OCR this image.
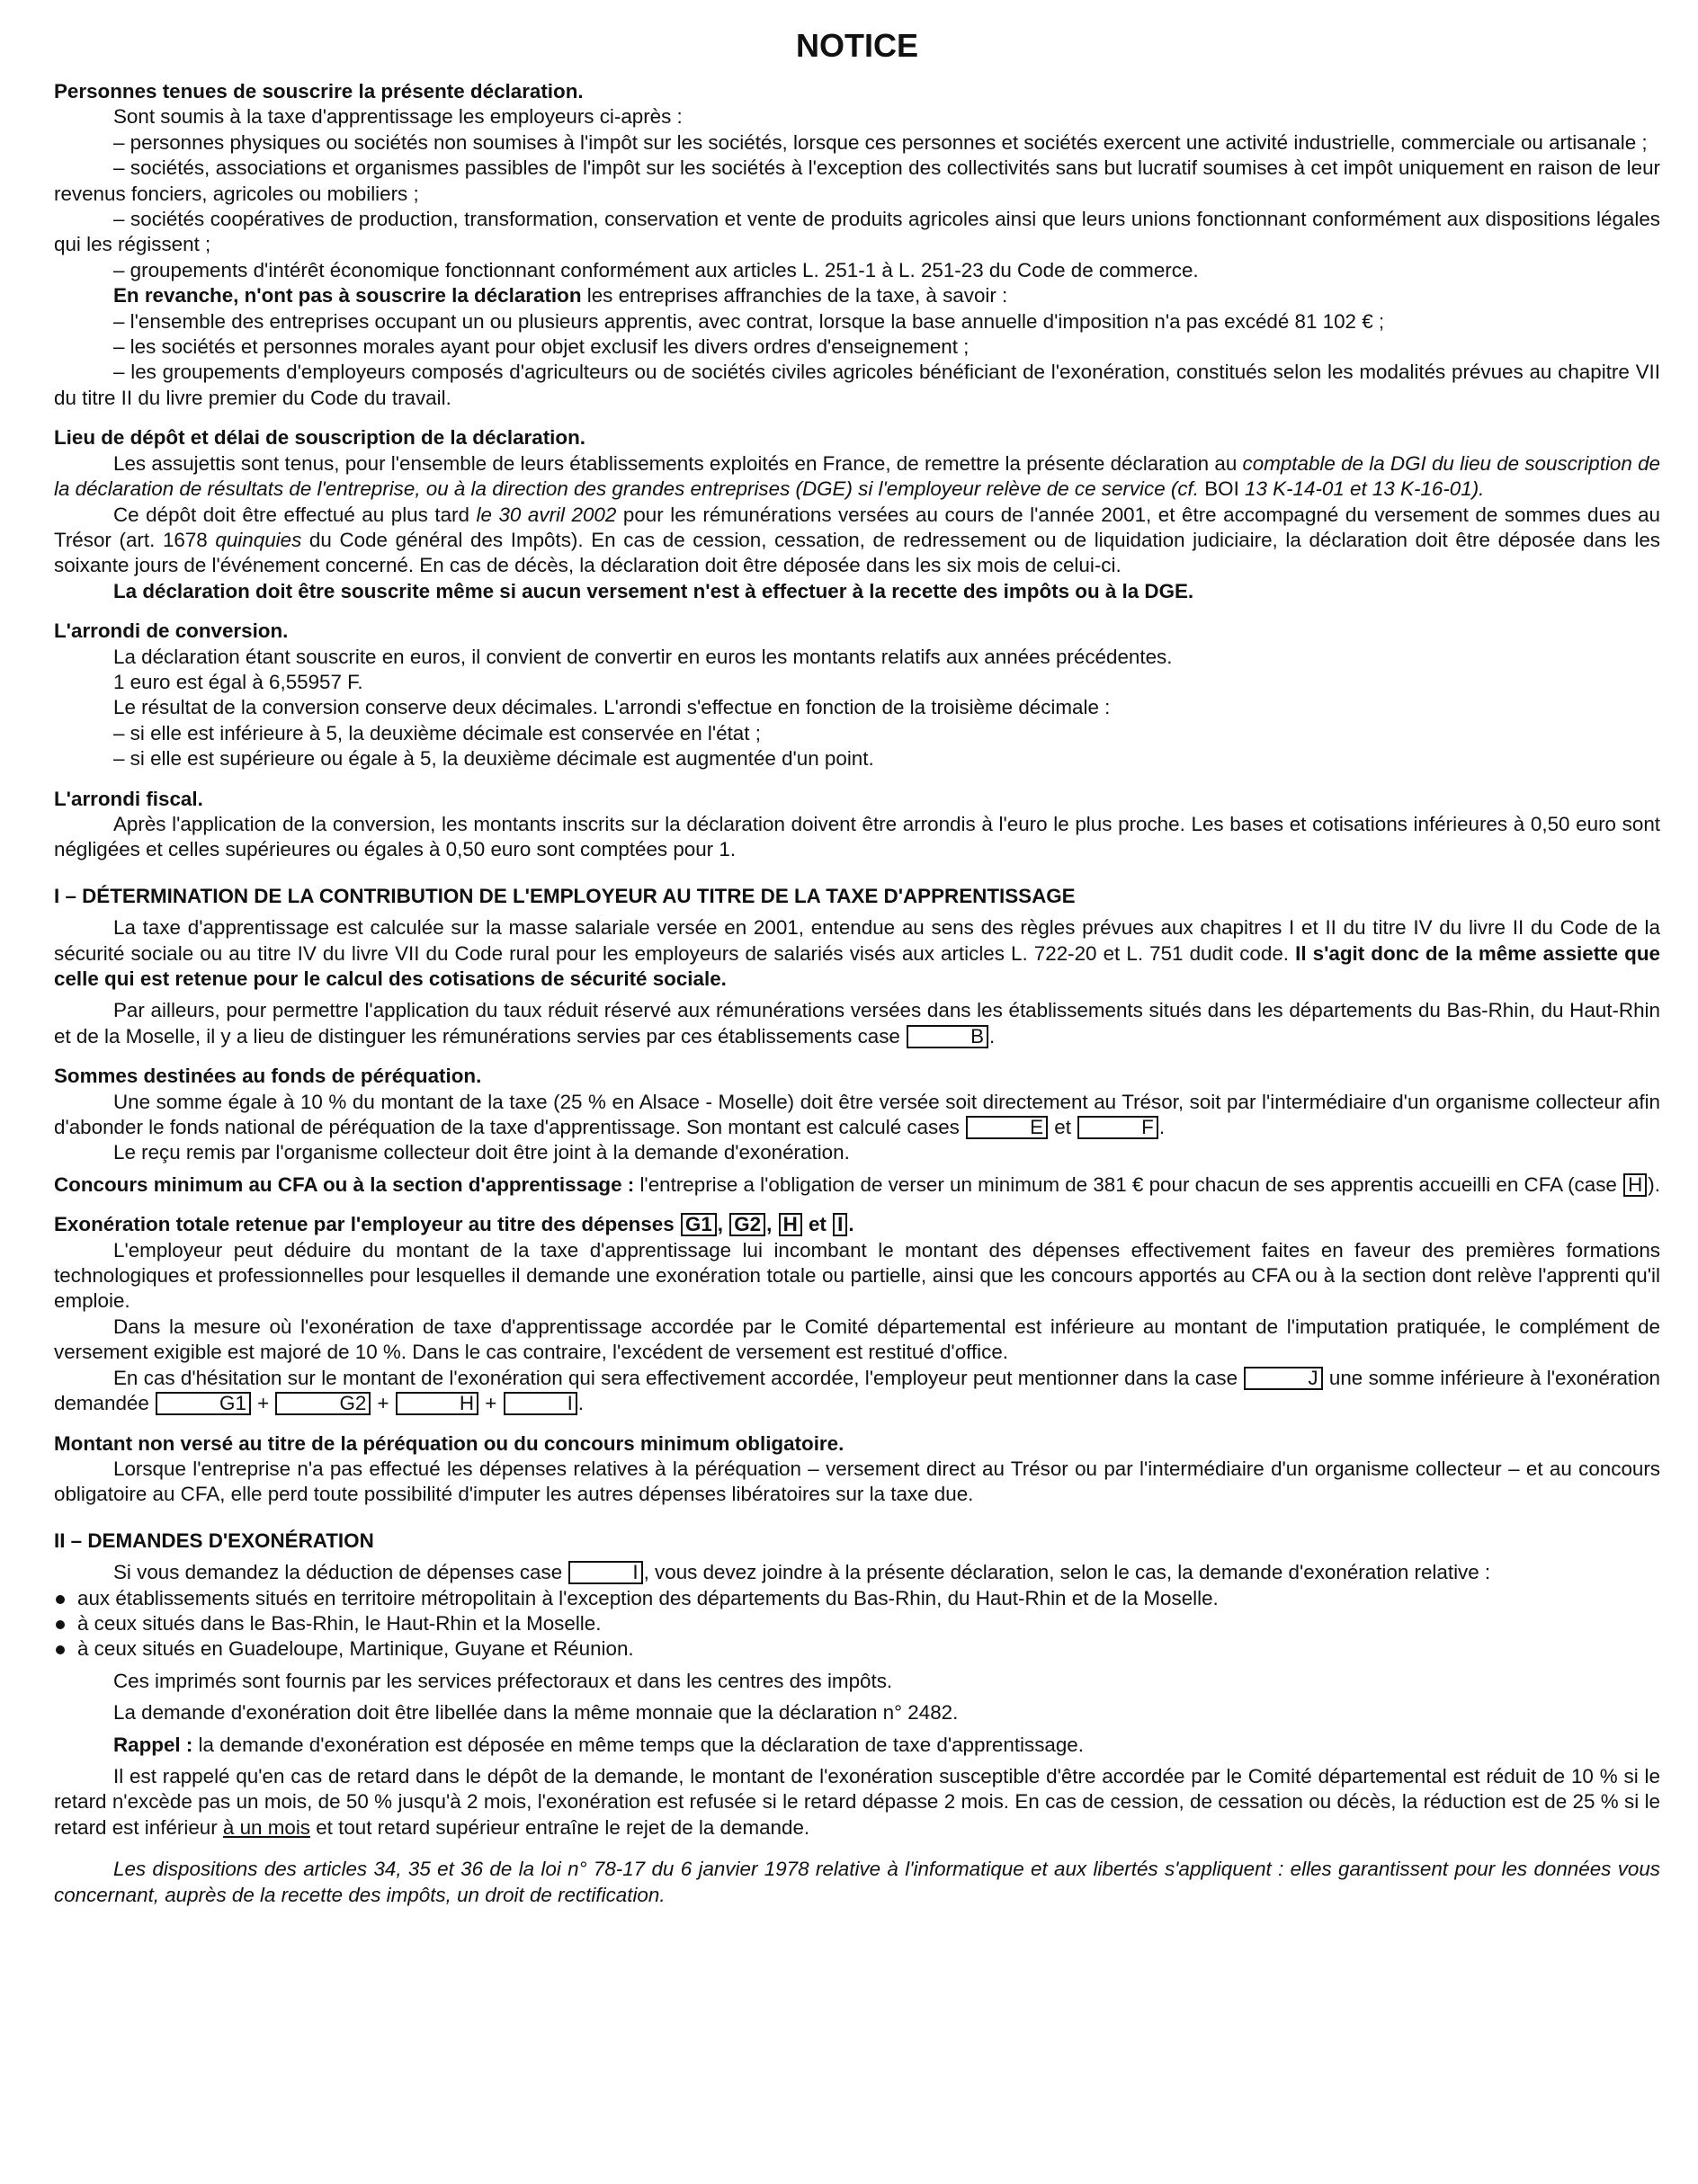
NOTICE
Personnes tenues de souscrire la présente déclaration.
Sont soumis à la taxe d'apprentissage les employeurs ci-après :
– personnes physiques ou sociétés non soumises à l'impôt sur les sociétés, lorsque ces personnes et sociétés exercent une activité industrielle, commerciale ou artisanale ;
– sociétés, associations et organismes passibles de l'impôt sur les sociétés à l'exception des collectivités sans but lucratif soumises à cet impôt uniquement en raison de leur revenus fonciers, agricoles ou mobiliers ;
– sociétés coopératives de production, transformation, conservation et vente de produits agricoles ainsi que leurs unions fonctionnant conformément aux dispositions légales qui les régissent ;
– groupements d'intérêt économique fonctionnant conformément aux articles L. 251-1 à L. 251-23 du Code de commerce.
En revanche, n'ont pas à souscrire la déclaration les entreprises affranchies de la taxe, à savoir :
– l'ensemble des entreprises occupant un ou plusieurs apprentis, avec contrat, lorsque la base annuelle d'imposition n'a pas excédé 81 102 € ;
– les sociétés et personnes morales ayant pour objet exclusif les divers ordres d'enseignement ;
– les groupements d'employeurs composés d'agriculteurs ou de sociétés civiles agricoles bénéficiant de l'exonération, constitués selon les modalités prévues au chapitre VII du titre II du livre premier du Code du travail.
Lieu de dépôt et délai de souscription de la déclaration.
Les assujettis sont tenus, pour l'ensemble de leurs établissements exploités en France, de remettre la présente déclaration au comptable de la DGI du lieu de souscription de la déclaration de résultats de l'entreprise, ou à la direction des grandes entreprises (DGE) si l'employeur relève de ce service (cf. BOI 13 K-14-01 et 13 K-16-01).
Ce dépôt doit être effectué au plus tard le 30 avril 2002 pour les rémunérations versées au cours de l'année 2001, et être accompagné du versement de sommes dues au Trésor (art. 1678 quinquies du Code général des Impôts). En cas de cession, cessation, de redressement ou de liquidation judiciaire, la déclaration doit être déposée dans les soixante jours de l'événement concerné. En cas de décès, la déclaration doit être déposée dans les six mois de celui-ci.
La déclaration doit être souscrite même si aucun versement n'est à effectuer à la recette des impôts ou à la DGE.
L'arrondi de conversion.
La déclaration étant souscrite en euros, il convient de convertir en euros les montants relatifs aux années précédentes.
1 euro est égal à 6,55957 F.
Le résultat de la conversion conserve deux décimales. L'arrondi s'effectue en fonction de la troisième décimale :
– si elle est inférieure à 5, la deuxième décimale est conservée en l'état ;
– si elle est supérieure ou égale à 5, la deuxième décimale est augmentée d'un point.
L'arrondi fiscal.
Après l'application de la conversion, les montants inscrits sur la déclaration doivent être arrondis à l'euro le plus proche. Les bases et cotisations inférieures à 0,50 euro sont négligées et celles supérieures ou égales à 0,50 euro sont comptées pour 1.
I – DÉTERMINATION DE LA CONTRIBUTION DE L'EMPLOYEUR AU TITRE DE LA TAXE D'APPRENTISSAGE
La taxe d'apprentissage est calculée sur la masse salariale versée en 2001, entendue au sens des règles prévues aux chapitres I et II du titre IV du livre II du Code de la sécurité sociale ou au titre IV du livre VII du Code rural pour les employeurs de salariés visés aux articles L. 722-20 et L. 751 dudit code. Il s'agit donc de la même assiette que celle qui est retenue pour le calcul des cotisations de sécurité sociale.
Par ailleurs, pour permettre l'application du taux réduit réservé aux rémunérations versées dans les établissements situés dans les départements du Bas-Rhin, du Haut-Rhin et de la Moselle, il y a lieu de distinguer les rémunérations servies par ces établissements case	B .
Sommes destinées au fonds de péréquation.
Une somme égale à 10 % du montant de la taxe (25 % en Alsace - Moselle) doit être versée soit directement au Trésor, soit par l'intermédiaire d'un organisme collecteur afin d'abonder le fonds national de péréquation de la taxe d'apprentissage. Son montant est calculé cases	E et	F .
Le reçu remis par l'organisme collecteur doit être joint à la demande d'exonération.
Concours minimum au CFA ou à la section d'apprentissage : l'entreprise a l'obligation de verser un minimum de 381 € pour chacun de ses apprentis accueilli en CFA (case H ).
Exonération totale retenue par l'employeur au titre des dépenses G1 , G2 , H et I .
L'employeur peut déduire du montant de la taxe d'apprentissage lui incombant le montant des dépenses effectivement faites en faveur des premières formations technologiques et professionnelles pour lesquelles il demande une exonération totale ou partielle, ainsi que les concours apportés au CFA ou à la section dont relève l'apprenti qu'il emploie.
Dans la mesure où l'exonération de taxe d'apprentissage accordée par le Comité départemental est inférieure au montant de l'imputation pratiquée, le complément de versement exigible est majoré de 10 %. Dans le cas contraire, l'excédent de versement est restitué d'office.
En cas d'hésitation sur le montant de l'exonération qui sera effectivement accordée, l'employeur peut mentionner dans la case	J une somme inférieure à l'exonération demandée	G1 +	G2 +	H +	I .
Montant non versé au titre de la péréquation ou du concours minimum obligatoire.
Lorsque l'entreprise n'a pas effectué les dépenses relatives à la péréquation – versement direct au Trésor ou par l'intermédiaire d'un organisme collecteur – et au concours obligatoire au CFA, elle perd toute possibilité d'imputer les autres dépenses libératoires sur la taxe due.
II – DEMANDES D'EXONÉRATION
Si vous demandez la déduction de dépenses case	I , vous devez joindre à la présente déclaration, selon le cas, la demande d'exonération relative :
aux établissements situés en territoire métropolitain à l'exception des départements du Bas-Rhin, du Haut-Rhin et de la Moselle.
à ceux situés dans le Bas-Rhin, le Haut-Rhin et la Moselle.
à ceux situés en Guadeloupe, Martinique, Guyane et Réunion.
Ces imprimés sont fournis par les services préfectoraux et dans les centres des impôts.
La demande d'exonération doit être libellée dans la même monnaie que la déclaration n° 2482.
Rappel : la demande d'exonération est déposée en même temps que la déclaration de taxe d'apprentissage.
Il est rappelé qu'en cas de retard dans le dépôt de la demande, le montant de l'exonération susceptible d'être accordée par le Comité départemental est réduit de 10 % si le retard n'excède pas un mois, de 50 % jusqu'à 2 mois, l'exonération est refusée si le retard dépasse 2 mois. En cas de cession, de cessation ou décès, la réduction est de 25 % si le retard est inférieur à un mois et tout retard supérieur entraîne le rejet de la demande.
Les dispositions des articles 34, 35 et 36 de la loi n° 78-17 du 6 janvier 1978 relative à l'informatique et aux libertés s'appliquent : elles garantissent pour les données vous concernant, auprès de la recette des impôts, un droit de rectification.
